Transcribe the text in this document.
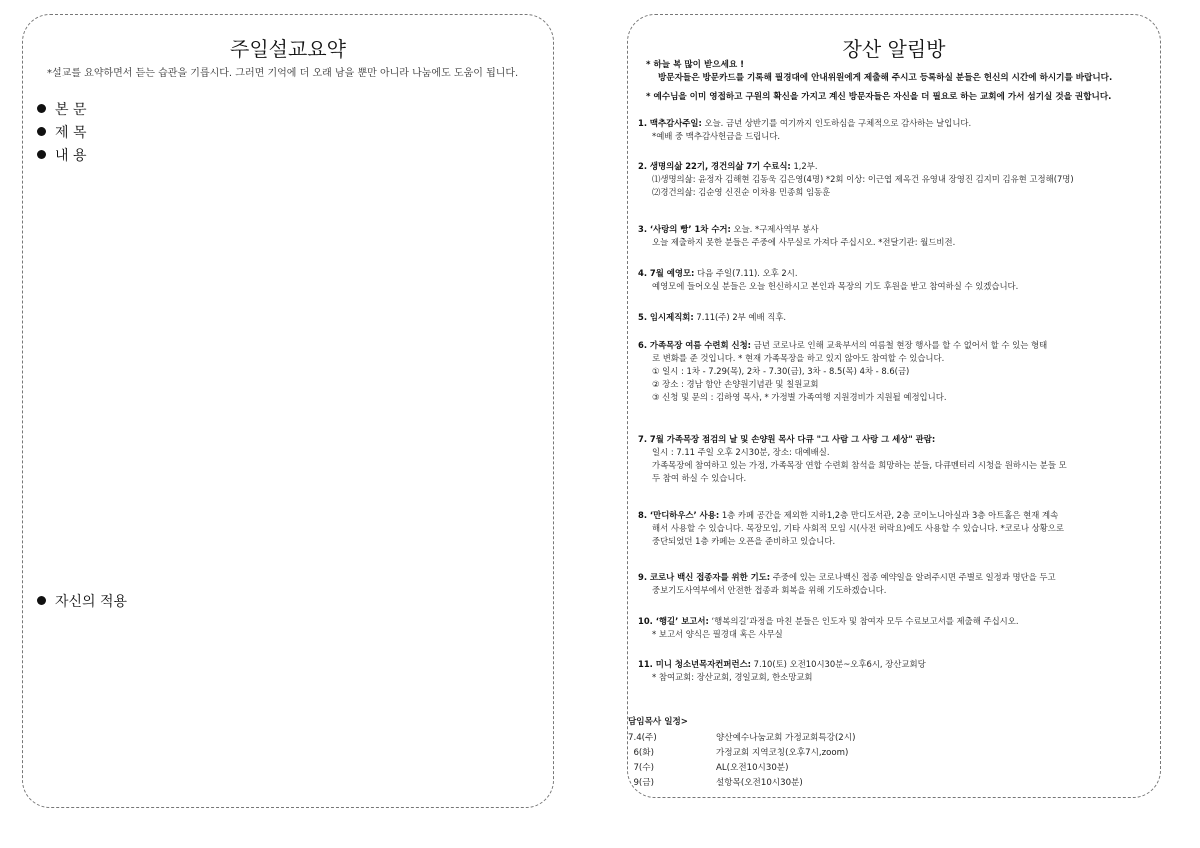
주일설교요약
*설교를 요약하면서 듣는 습관을 기릅시다. 그러면 기억에 더 오래 남을 뿐만 아니라 나눔에도 도움이 됩니다.
본 문
제 목
내 용
자신의 적용
장산 알림방
* 하늘 복 많이 받으세요 !
방문자들은 방문카드를 기록해 필경대에 안내위원에게 제출해 주시고 등록하실 분들은 헌신의 시간에 하시기를 바랍니다.
* 예수님을 이미 영접하고 구원의 확신을 가지고 계신 방문자들은 자신을 더 필요로 하는 교회에 가서 섬기실 것을 권합니다.
1. 맥추감사주일: 오늘. 금년 상반기를 여기까지 인도하심을 구체적으로 감사하는 날입니다.
*예배 중 맥추감사헌금을 드립니다.
2. 생명의삶 22기, 경건의삶 7기 수료식: 1,2부.
⑴생명의삶: 윤정자 김해현 김동욱 김은영(4명) *2회 이상: 이근엽 제옥건 유영내 장영진 김지미 김유현 고정해(7명)
⑵경건의삶: 김순영 신진순 이차용 민종희 임동훈
3. ‘사랑의 빵’ 1차 수거: 오늘. *구제사역부 봉사
오늘 제출하지 못한 분들은 주중에 사무실로 가져다 주십시오. *전달기관: 월드비전.
4. 7월 예영모: 다음 주일(7.11). 오후 2시.
예영모에 들어오실 분들은 오늘 헌신하시고 본인과 목장의 기도 후원을 받고 참여하실 수 있겠습니다.
5. 임시제직회: 7.11(주) 2부 예배 직후.
6. 가족목장 여름 수련회 신청: 금년 코로나로 인해 교육부서의 여름철 현장 행사를 할 수 없어서 할 수 있는 형태
로 변화를 준 것입니다. * 현재 가족목장을 하고 있지 않아도 참여할 수 있습니다.
① 일시 : 1차 - 7.29(목), 2차 - 7.30(금), 3차 - 8.5(목) 4차 - 8.6(금)
② 장소 : 경남 함안 손양원기념관 및 칠원교회
③ 신청 및 문의 : 김하영 목사, * 가정별 가족여행 지원경비가 지원될 예정입니다.
7. 7월 가족목장 점검의 날 및 손양원 목사 다큐 "그 사람 그 사랑 그 세상" 관람:
일시 : 7.11 주일 오후 2시30분, 장소: 대예배실.
가족목장에 참여하고 있는 가정, 가족목장 연합 수련회 참석을 희망하는 분들, 다큐멘터리 시청을 원하시는 분들 모
두 참여 하실 수 있습니다.
8. ‘만디하우스’ 사용: 1층 카페 공간을 제외한 지하1,2층 만디도서관, 2층 코이노니아실과 3층 아트홀은 현재 계속
해서 사용할 수 있습니다. 목장모임, 기타 사회적 모임 시(사전 허락요)에도 사용할 수 있습니다. *코로나 상황으로
중단되었던 1층 카페는 오픈을 준비하고 있습니다.
9. 코로나 백신 접종자를 위한 기도: 주중에 있는 코로나백신 접종 예약일을 알려주시면 주별로 일정과 명단을 두고
중보기도사역부에서 안전한 접종과 회복을 위해 기도하겠습니다.
10. ‘행길’ 보고서: ‘행복의길’과정을 마친 분들은 인도자 및 참여자 모두 수료보고서를 제출해 주십시오.
* 보고서 양식은 필경대 혹은 사무실
11. 미니 청소년목자컨퍼런스: 7.10(토) 오전10시30분~오후6시, 장산교회당
* 참여교회: 장산교회, 경일교회, 한소망교회
담임목사 일정>
7.4(주)	양산예수나눔교회 가정교회특강(2시)
6(화)	가정교회 지역코칭(오후7시,zoom)
7(수)	AL(오전10시30분)
9(금)	설항목(오전10시30분)
